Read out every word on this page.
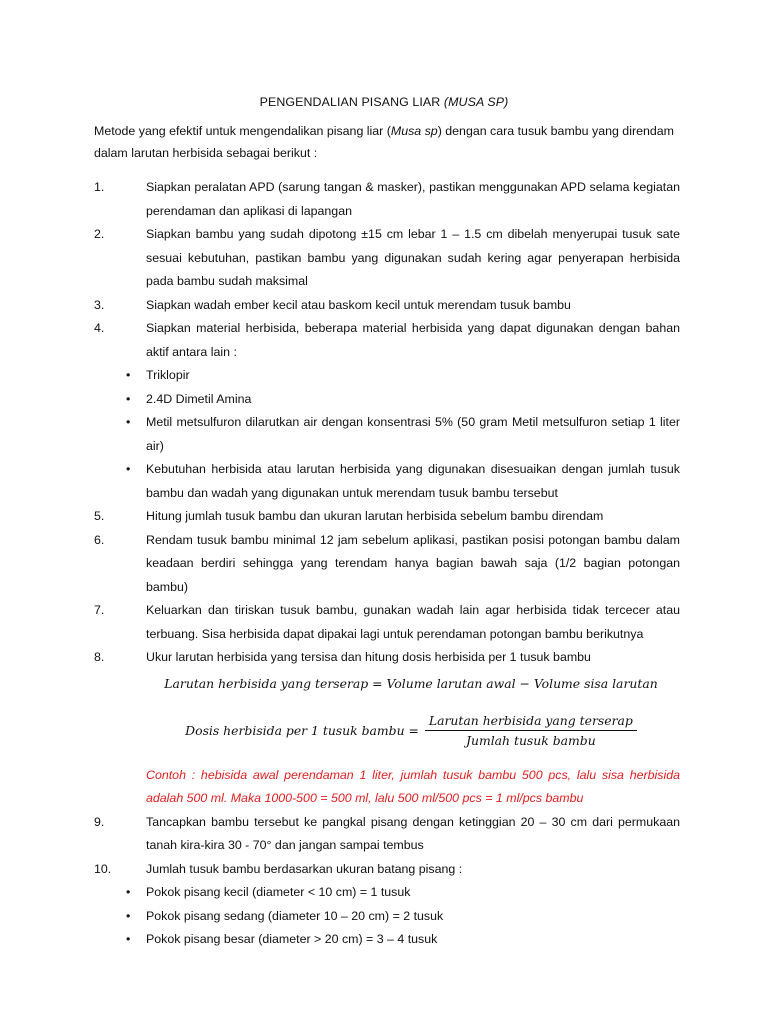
PENGENDALIAN PISANG LIAR (MUSA SP)
Metode yang efektif untuk mengendalikan pisang liar (Musa sp) dengan cara tusuk bambu yang direndam dalam larutan herbisida sebagai berikut :
1.	Siapkan peralatan APD (sarung tangan & masker), pastikan menggunakan APD selama kegiatan perendaman dan aplikasi di lapangan
2.	Siapkan bambu yang sudah dipotong ±15 cm lebar 1 – 1.5 cm dibelah menyerupai tusuk sate sesuai kebutuhan, pastikan bambu yang digunakan sudah kering agar penyerapan herbisida pada bambu sudah maksimal
3.	Siapkan wadah ember kecil atau baskom kecil untuk merendam tusuk bambu
4.	Siapkan material herbisida, beberapa material herbisida yang dapat digunakan dengan bahan aktif antara lain :
• Triklopir
• 2.4D Dimetil Amina
• Metil metsulfuron dilarutkan air dengan konsentrasi 5% (50 gram Metil metsulfuron setiap 1 liter air)
• Kebutuhan herbisida atau larutan herbisida yang digunakan disesuaikan dengan jumlah tusuk bambu dan wadah yang digunakan untuk merendam tusuk bambu tersebut
5.	Hitung jumlah tusuk bambu dan ukuran larutan herbisida sebelum bambu direndam
6.	Rendam tusuk bambu minimal 12 jam sebelum aplikasi, pastikan posisi potongan bambu dalam keadaan berdiri sehingga yang terendam hanya bagian bawah saja (1/2 bagian potongan bambu)
7.	Keluarkan dan tiriskan tusuk bambu, gunakan wadah lain agar herbisida tidak tercecer atau terbuang. Sisa herbisida dapat dipakai lagi untuk perendaman potongan bambu berikutnya
8.	Ukur larutan herbisida yang tersisa dan hitung dosis herbisida per 1 tusuk bambu
Larutan herbisida yang terserap = Volume larutan awal − Volume sisa larutan
Dosis herbisida per 1 tusuk bambu = $\frac{\text{Larutan herbisida yang terserap}}{\text{Jumlah tusuk bambu}}$
Contoh : hebisida awal perendaman 1 liter, jumlah tusuk bambu 500 pcs, lalu sisa herbisida adalah 500 ml. Maka 1000-500 = 500 ml, lalu 500 ml/500 pcs = 1 ml/pcs bambu
9.	Tancapkan bambu tersebut ke pangkal pisang dengan ketinggian 20 – 30 cm dari permukaan tanah kira-kira 30 - 70° dan jangan sampai tembus
10.	Jumlah tusuk bambu berdasarkan ukuran batang pisang :
• Pokok pisang kecil (diameter < 10 cm) = 1 tusuk
• Pokok pisang sedang (diameter 10 – 20 cm) = 2 tusuk
• Pokok pisang besar (diameter > 20 cm) = 3 – 4 tusuk
